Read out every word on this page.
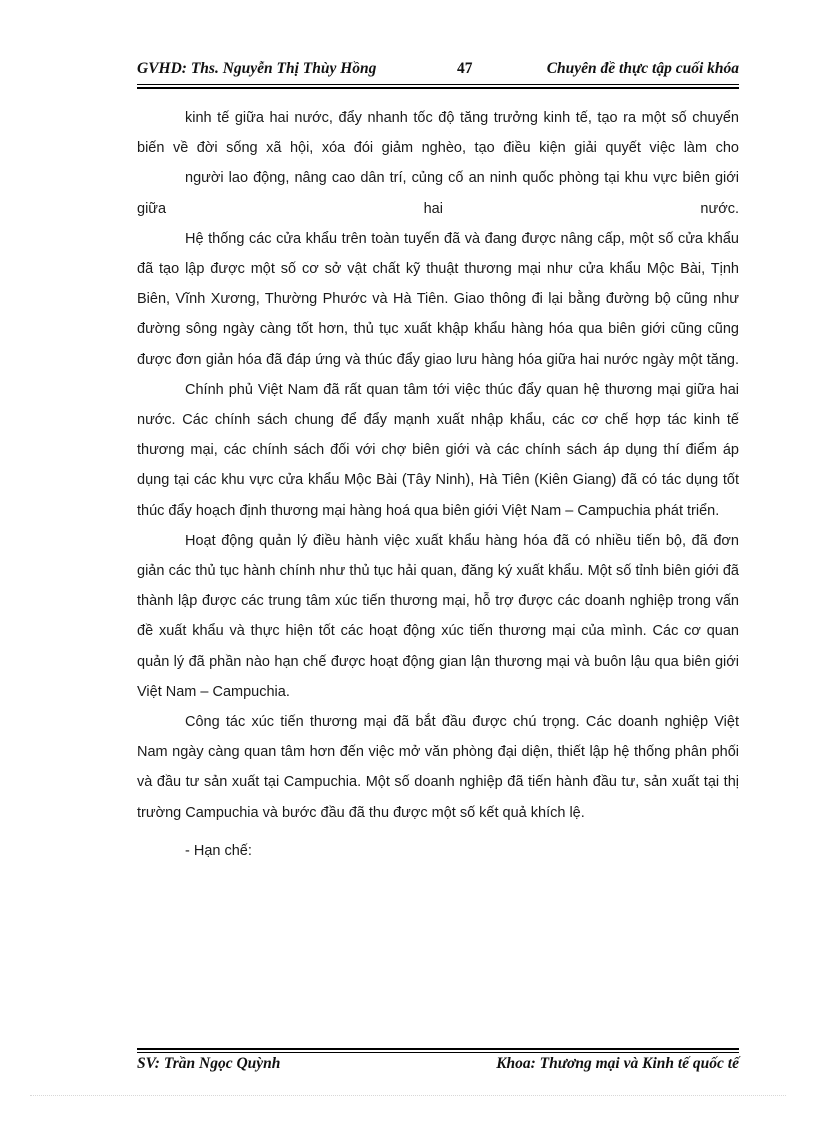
GVHD: Ths. Nguyễn Thị Thùy Hồng	47	Chuyên đề thực tập cuối khóa

kinh tế giữa hai nước, đẩy nhanh tốc độ tăng trưởng kinh tế, tạo ra một số chuyển biến về đời sống xã hội, xóa đói giảm nghèo, tạo điều kiện giải quyết việc làm cho

người lao động, nâng cao dân trí, củng cố an ninh quốc phòng tại khu vực biên giới giữa hai nước.

Hệ thống các cửa khẩu trên toàn tuyến đã và đang được nâng cấp, một số cửa khẩu đã tạo lập được một số cơ sở vật chất kỹ thuật thương mại như cửa khẩu Mộc Bài, Tịnh Biên, Vĩnh Xương, Thường Phước và Hà Tiên. Giao thông đi lại bằng đường bộ cũng như đường sông ngày càng tốt hơn, thủ tục xuất khập khẩu hàng hóa qua biên giới cũng cũng được đơn giản hóa đã đáp ứng và thúc đẩy giao lưu hàng hóa giữa hai nước ngày một tăng.

Chính phủ Việt Nam đã rất quan tâm tới việc thúc đẩy quan hệ thương mại giữa hai nước. Các chính sách chung để đẩy mạnh xuất nhập khẩu, các cơ chế hợp tác kinh tế thương mại, các chính sách đối với chợ biên giới và các chính sách áp dụng thí điểm áp dụng tại các khu vực cửa khẩu Mộc Bài (Tây Ninh), Hà Tiên (Kiên Giang) đã có tác dụng tốt thúc đẩy hoạch định thương mại hàng hoá qua biên giới Việt Nam – Campuchia phát triển.

Hoạt động quản lý điều hành việc xuất khẩu hàng hóa đã có nhiều tiến bộ, đã đơn giản các thủ tục hành chính như thủ tục hải quan, đăng ký xuất khẩu. Một số tỉnh biên giới đã thành lập được các trung tâm xúc tiến thương mại, hỗ trợ được các doanh nghiệp trong vấn đề xuất khẩu và thực hiện tốt các hoạt động xúc tiến thương mại của mình. Các cơ quan quản lý đã phần nào hạn chế được hoạt động gian lận thương mại và buôn lậu qua biên giới Việt Nam – Campuchia.

Công tác xúc tiến thương mại đã bắt đầu được chú trọng. Các doanh nghiệp Việt Nam ngày càng quan tâm hơn đến việc mở văn phòng đại diện, thiết lập hệ thống phân phối và đầu tư sản xuất tại Campuchia. Một số doanh nghiệp đã tiến hành đầu tư, sản xuất tại thị trường Campuchia và bước đầu đã thu được một số kết quả khích lệ.

- Hạn chế:

SV: Trần Ngọc Quỳnh	Khoa: Thương mại và Kinh tế quốc tế
